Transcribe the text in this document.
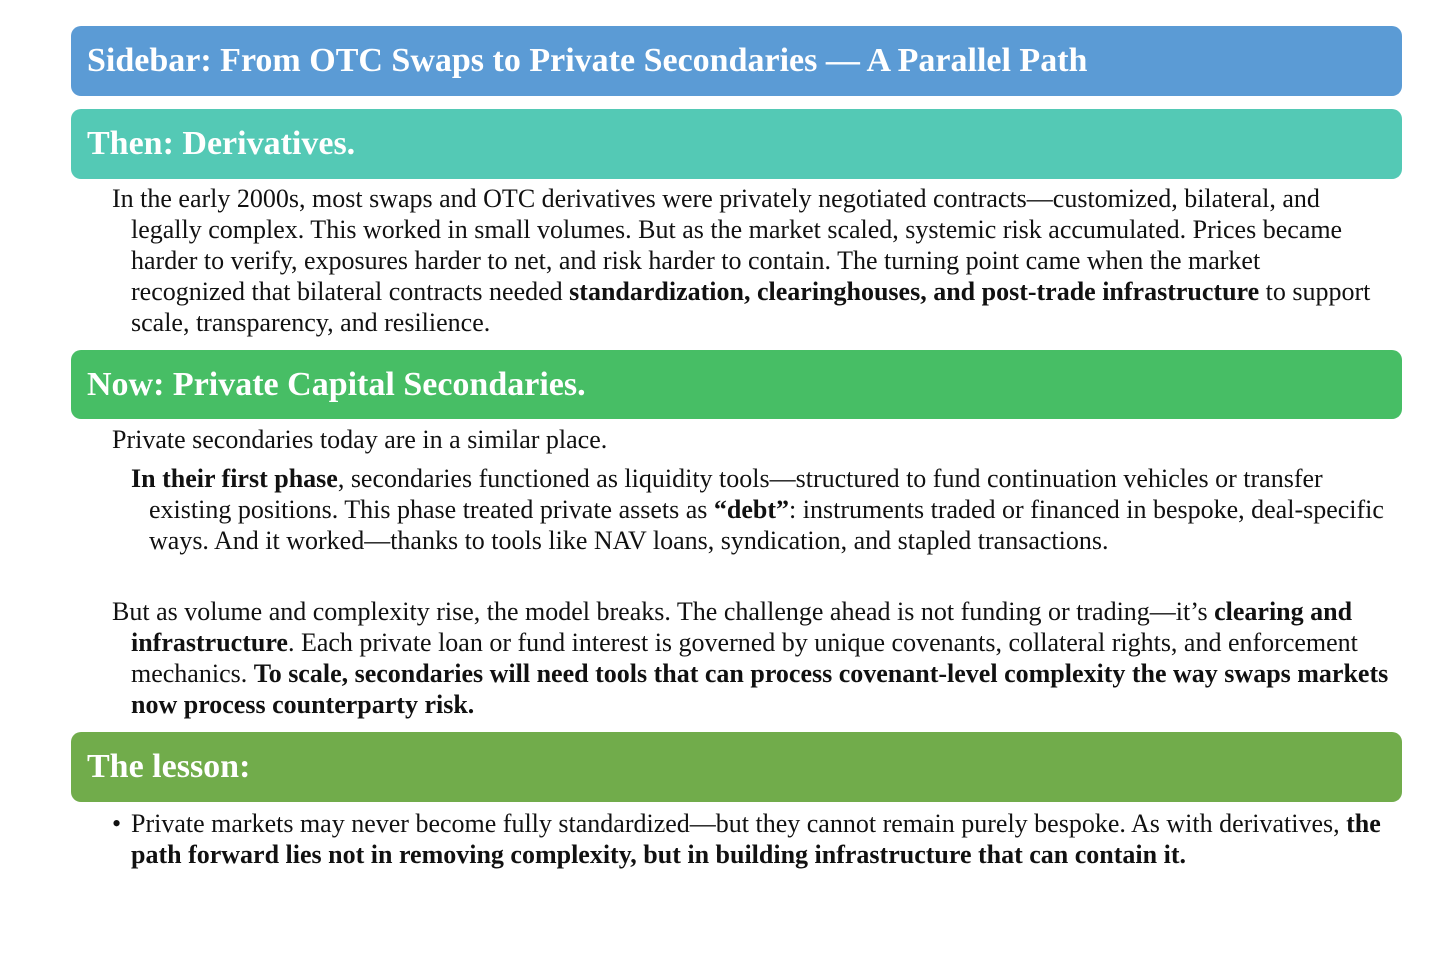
Sidebar: From OTC Swaps to Private Secondaries — A Parallel Path
Then: Derivatives.

In the early 2000s, most swaps and OTC derivatives were privately negotiated contracts—customized, bilateral, and legally complex. This worked in small volumes. But as the market scaled, systemic risk accumulated. Prices became harder to verify, exposures harder to net, and risk harder to contain. The turning point came when the market recognized that bilateral contracts needed standardization, clearinghouses, and post-trade infrastructure to support scale, transparency, and resilience.

Now: Private Capital Secondaries.

Private secondaries today are in a similar place.

In their first phase, secondaries functioned as liquidity tools—structured to fund continuation vehicles or transfer existing positions. This phase treated private assets as “debt”: instruments traded or financed in bespoke, deal-specific ways. And it worked—thanks to tools like NAV loans, syndication, and stapled transactions.

But as volume and complexity rise, the model breaks. The challenge ahead is not funding or trading—it’s clearing and infrastructure. Each private loan or fund interest is governed by unique covenants, collateral rights, and enforcement mechanics. To scale, secondaries will need tools that can process covenant-level complexity the way swaps markets now process counterparty risk.

The lesson:

• Private markets may never become fully standardized—but they cannot remain purely bespoke. As with derivatives, the path forward lies not in removing complexity, but in building infrastructure that can contain it.
